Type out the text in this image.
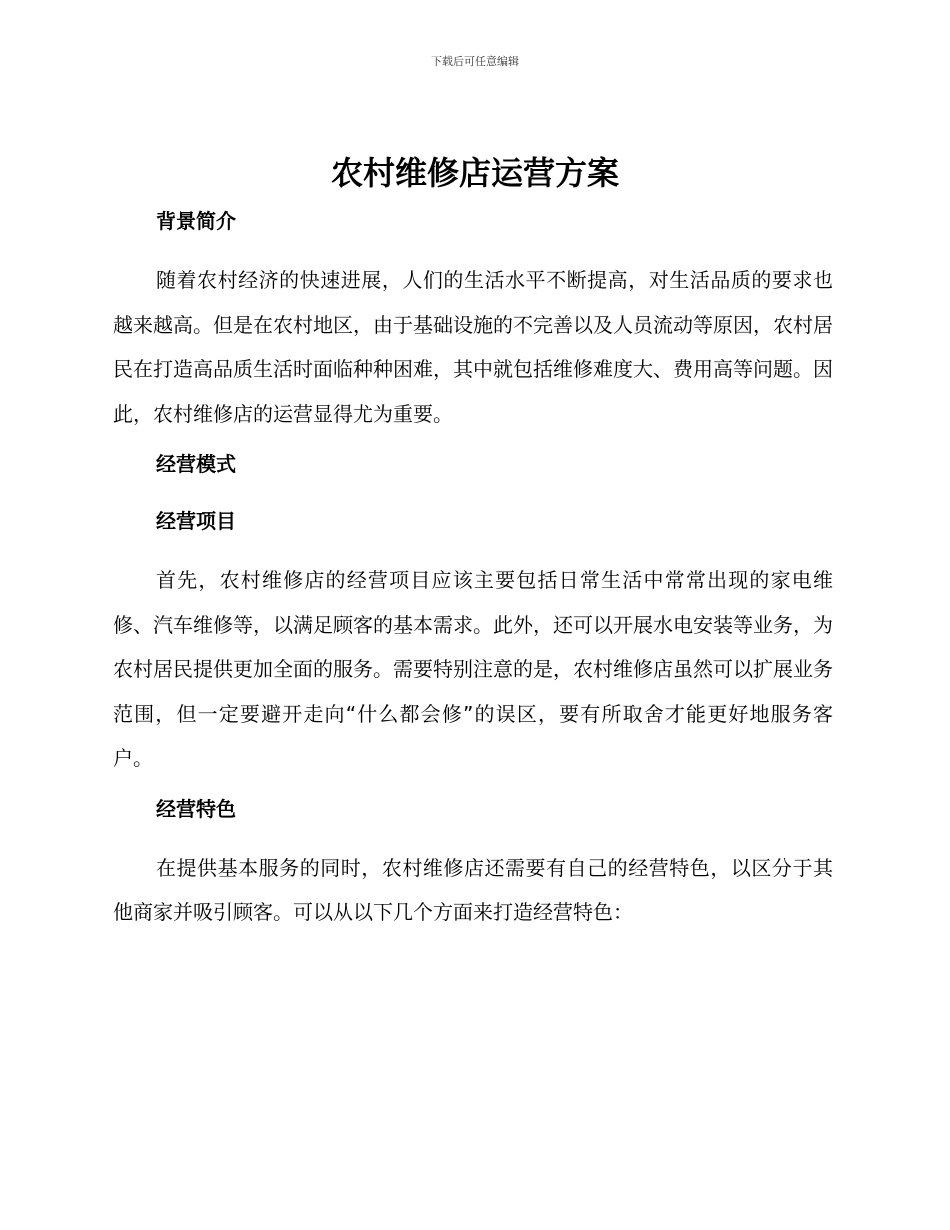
下载后可任意编辑
农村维修店运营方案
背景简介

随着农村经济的快速进展，人们的生活水平不断提高，对生活品质的要求也越来越高。但是在农村地区，由于基础设施的不完善以及人员流动等原因，农村居民在打造高品质生活时面临种种困难，其中就包括维修难度大、费用高等问题。因此，农村维修店的运营显得尤为重要。

经营模式
经营项目

首先，农村维修店的经营项目应该主要包括日常生活中常常出现的家电维修、汽车维修等，以满足顾客的基本需求。此外，还可以开展水电安装等业务，为农村居民提供更加全面的服务。需要特别注意的是，农村维修店虽然可以扩展业务范围，但一定要避开走向“什么都会修”的误区，要有所取舍才能更好地服务客户。

经营特色

在提供基本服务的同时，农村维修店还需要有自己的经营特色，以区分于其他商家并吸引顾客。可以从以下几个方面来打造经营特色：
